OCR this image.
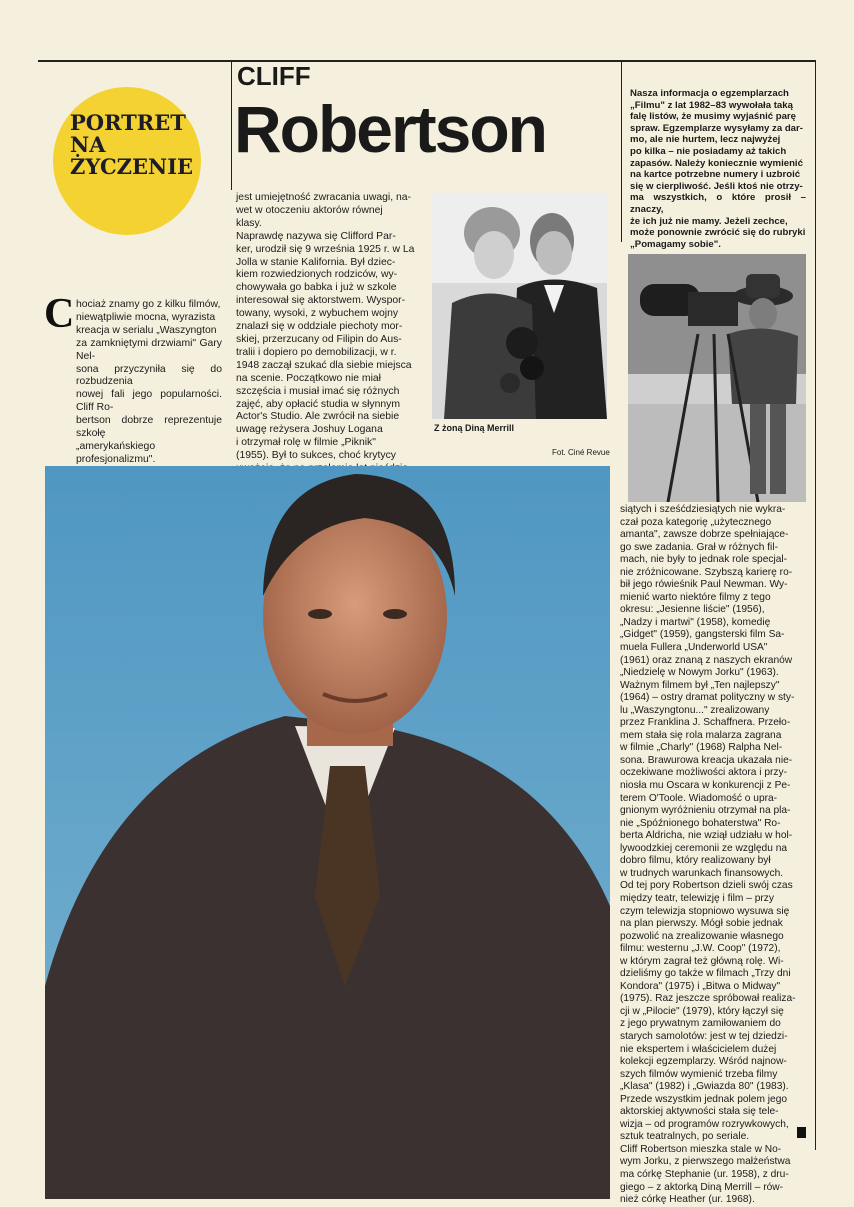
PORTRET
NA
ŻYCZENIE
CLIFF
Robertson
C hociaż znamy go z kilku filmów,
niewątpliwie mocna, wyrazista
kreacja w serialu „Waszyngton
za zamkniętymi drzwiami" Gary Nel-
sona przyczyniła się do rozbudzenia
nowej fali jego popularności. Cliff Ro-
bertson dobrze reprezentuje szkołę
„amerykańskiego profesjonalizmu".

jest umiejętność zwracania uwagi, na-
wet w otoczeniu aktorów równej
klasy.
Naprawdę nazywa się Clifford Par-
ker, urodził się 9 września 1925 r. w La
Jolla w stanie Kalifornia. Był dziec-
kiem rozwiedzionych rodziców, wy-
chowywała go babka i już w szkole
interesował się aktorstwem. Wyspor-
towany, wysoki, z wybuchem wojny
znalazł się w oddziale piechoty mor-
skiej, przerzucany od Filipin do Aus-
tralii i dopiero po demobilizacji, w r.
1948 zaczął szukać dla siebie miejsca
na scenie. Początkowo nie miał
szczęścia i musiał imać się różnych
zajęć, aby opłacić studia w słynnym
Actor's Studio. Ale zwrócił na siebie
uwagę reżysera Joshuy Logana
i otrzymał rolę w filmie „Piknik"
(1955). Był to sukces, choć krytycy

Z żoną Diną Merrill
Fot. Ciné Revue

Nasza informacja o egzemplarzach
„Filmu" z lat 1982–83 wywołała taką
falę listów, że musimy wyjaśnić parę
spraw. Egzemplarze wysyłamy za dar-
mo, ale nie hurtem, lecz najwyżej
po kilka – nie posiadamy aż takich
zapasów. Należy koniecznie wymienić
na kartce potrzebne numery i uzbroić
się w cierpliwość. Jeśli ktoś nie otrzy-
ma wszystkich, o które prosił – znaczy,
że ich już nie mamy. Jeżeli zechce,
może ponownie zwrócić się do rubryki
„Pomagamy sobie".

siątych i sześćdziesiątych nie wykra-
czał poza kategorię „użytecznego
amanta", zawsze dobrze spełniające-
go swe zadania. Grał w różnych fil-
mach, nie były to jednak role specjal-
nie zróżnicowane. Szybszą karierę ro-
bił jego rówieśnik Paul Newman. Wy-
mienić warto niektóre filmy z tego
okresu: „Jesienne liście" (1956),
„Nadzy i martwi" (1958), komedię
„Gidget" (1959), gangsterski film Sa-
muela Fullera „Underworld USA"
(1961) oraz znaną z naszych ekranów
„Niedzielę w Nowym Jorku" (1963).
Ważnym filmem był „Ten najlepszy"
(1964) – ostry dramat polityczny w sty-
lu „Waszyngtonu..." zrealizowany
przez Franklina J. Schaffnera. Przeło-
mem stała się rola malarza zagrana
w filmie „Charly" (1968) Ralpha Nel-
sona. Brawurowa kreacja ukazała nie-
oczekiwane możliwości aktora i przy-
niosła mu Oscara w konkurencji z Pe-
terem O'Toole. Wiadomość o upra-
gnionym wyróżnieniu otrzymał na pla-
nie „Spóźnionego bohaterstwa" Ro-
berta Aldricha, nie wziął udziału w hol-
lywoodzkiej ceremonii ze względu na
dobro filmu, który realizowany był
w trudnych warunkach finansowych.
Od tej pory Robertson dzieli swój czas
między teatr, telewizję i film – przy
czym telewizja stopniowo wysuwa się
na plan pierwszy. Mógł sobie jednak
pozwolić na zrealizowanie własnego
filmu: westernu „J.W. Coop" (1972),
w którym zagrał też główną rolę. Wi-
dzieliśmy go także w filmach „Trzy dni
Kondora" (1975) i „Bitwa o Midway"
(1975). Raz jeszcze spróbował realiza-
cji w „Pilocie" (1979), który łączył się
z jego prywatnym zamiłowaniem do
starych samolotów: jest w tej dziedzi-
nie ekspertem i właścicielem dużej
kolekcji egzemplarzy. Wśród najnow-
szych filmów wymienić trzeba filmy
„Klasa" (1982) i „Gwiazda 80" (1983).
Przede wszystkim jednak polem jego
aktorskiej aktywności stała się tele-
wizja – od programów rozrywkowych,
sztuk teatralnych, po seriale.
Cliff Robertson mieszka stale w No-
wym Jorku, z pierwszego małżeństwa
ma córkę Stephanie (ur. 1958), z dru-
giego – z aktorką Diną Merrill – rów-
nież córkę Heather (ur. 1968).
